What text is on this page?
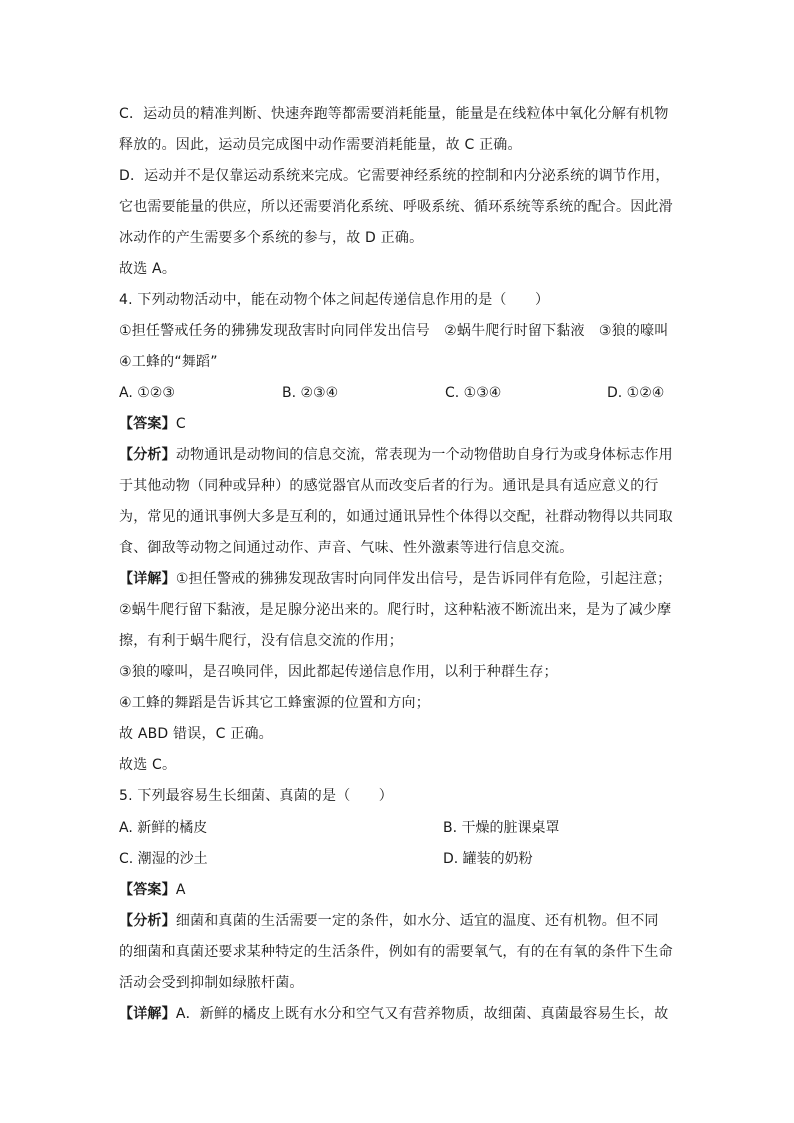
C．运动员的精准判断、快速奔跑等都需要消耗能量，能量是在线粒体中氧化分解有机物
释放的。因此，运动员完成图中动作需要消耗能量，故 C 正确。
D．运动并不是仅靠运动系统来完成。它需要神经系统的控制和内分泌系统的调节作用，
它也需要能量的供应，所以还需要消化系统、呼吸系统、循环系统等系统的配合。因此滑
冰动作的产生需要多个系统的参与，故 D 正确。
故选 A。
4. 下列动物活动中，能在动物个体之间起传递信息作用的是（　　）
①担任警戒任务的狒狒发现敌害时向同伴发出信号　②蜗牛爬行时留下黏液　③狼的嚎叫
④工蜂的“舞蹈”
A. ①②③	B. ②③④	C. ①③④	D. ①②④
【答案】C
【分析】动物通讯是动物间的信息交流，常表现为一个动物借助自身行为或身体标志作用
于其他动物（同种或异种）的感觉器官从而改变后者的行为。通讯是具有适应意义的行
为，常见的通讯事例大多是互利的，如通过通讯异性个体得以交配，社群动物得以共同取
食、御敌等动物之间通过动作、声音、气味、性外激素等进行信息交流。
【详解】①担任警戒的狒狒发现敌害时向同伴发出信号，是告诉同伴有危险，引起注意；
②蜗牛爬行留下黏液，是足腺分泌出来的。爬行时，这种粘液不断流出来，是为了减少摩
擦，有利于蜗牛爬行，没有信息交流的作用；
③狼的嚎叫，是召唤同伴，因此都起传递信息作用，以利于种群生存；
④工蜂的舞蹈是告诉其它工蜂蜜源的位置和方向；
故 ABD 错误，C 正确。
故选 C。
5. 下列最容易生长细菌、真菌的是（　　）
A. 新鲜的橘皮	B. 干燥的脏课桌罩
C. 潮湿的沙土	D. 罐装的奶粉
【答案】A
【分析】细菌和真菌的生活需要一定的条件，如水分、适宜的温度、还有机物。但不同
的细菌和真菌还要求某种特定的生活条件，例如有的需要氧气，有的在有氧的条件下生命
活动会受到抑制如绿脓杆菌。
【详解】A．新鲜的橘皮上既有水分和空气又有营养物质，故细菌、真菌最容易生长，故
